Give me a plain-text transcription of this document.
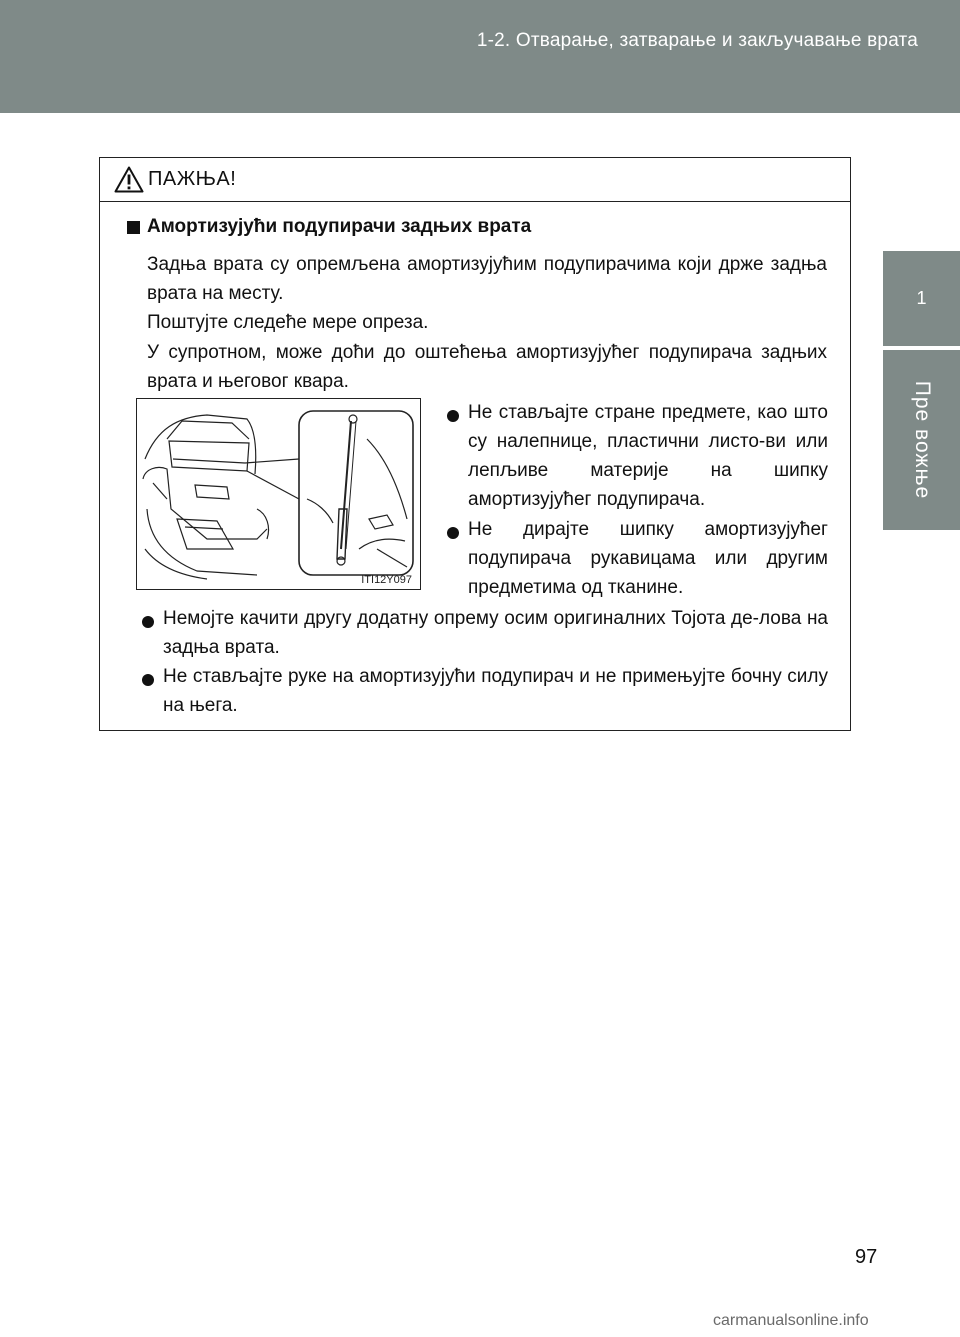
1-2. Отварање, затварање и закључавање врата
1
Пре вожње
ПАЖЊА!
Амортизујући подупирачи задњих врата
Задња врата су опремљена амортизујућим подупирачима који држе задња врата на месту.
Поштујте следеће мере опреза.
У супротном, може доћи до оштећења амортизујућег подупирача задњих врата и његовог квара.
ITI12Y097
Не стављајте стране предмете, као што су налепнице, пластични листо-ви или лепљиве материје на шипку амортизујућег подупирача.
Не дирајте шипку амортизујућег подупирача рукавицама или другим предметима од тканине.
Немојте качити другу додатну опрему осим оригиналних Тојота де-лова на задња врата.
Не стављајте руке на амортизујући подупирач и не примењујте бочну силу на њега.
97
carmanualsonline.info
